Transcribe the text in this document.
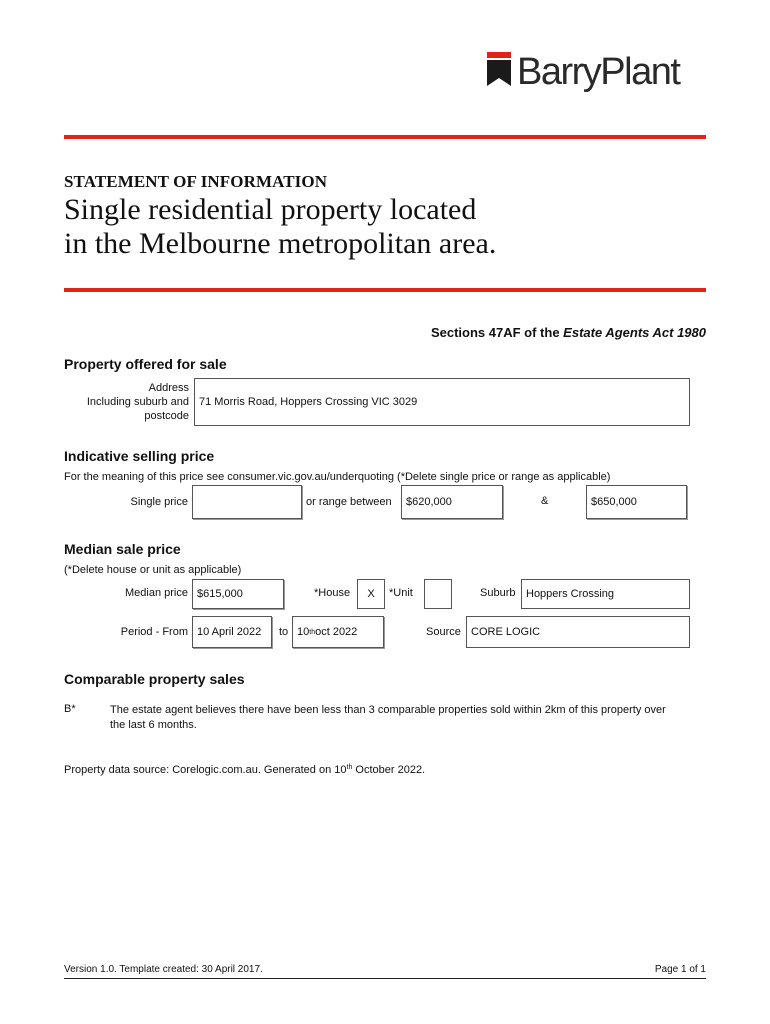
BarryPlant
STATEMENT OF INFORMATION
Single residential property located
in the Melbourne metropolitan area.
Sections 47AF of the Estate Agents Act 1980
Property offered for sale
Address
Including suburb and
postcode
71 Morris Road, Hoppers Crossing VIC 3029
Indicative selling price
For the meaning of this price see consumer.vic.gov.au/underquoting (*Delete single price or range as applicable)
Single price	or range between	$620,000	&	$650,000
Median sale price
(*Delete house or unit as applicable)
Median price $615,000	*House	X	*Unit	Suburb Hoppers Crossing
Period - From 10 April 2022	to 10 th oct 2022	Source CORE LOGIC
Comparable property sales
B*	The estate agent believes there have been less than 3 comparable properties sold within 2km of this property over
the last 6 months.
Property data source: Corelogic.com.au. Generated on 10th October 2022.
Version 1.0. Template created: 30 April 2017.	Page 1 of 1
